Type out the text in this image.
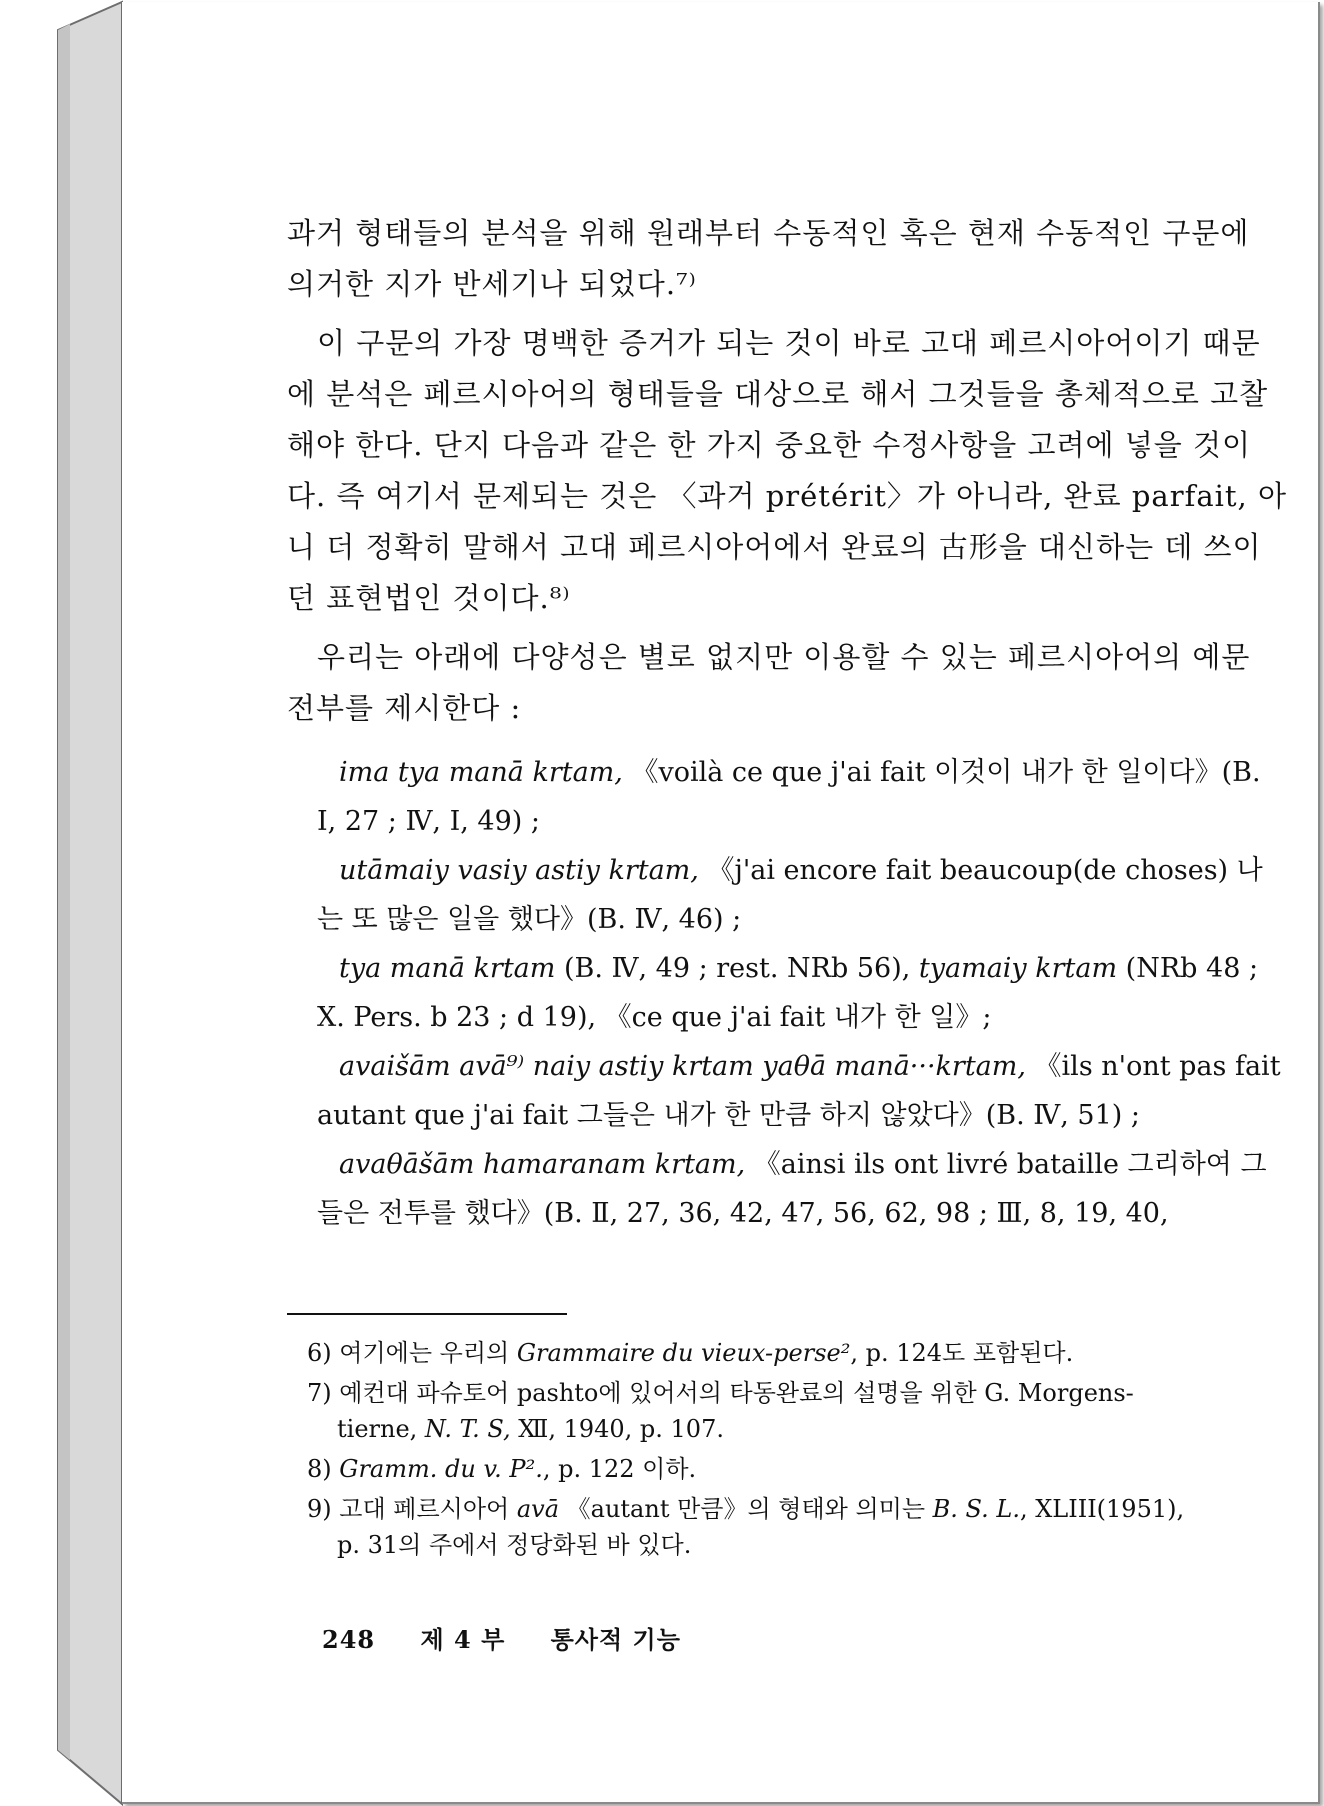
과거 형태들의 분석을 위해 원래부터 수동적인 혹은 현재 수동적인 구문에 의거한 지가 반세기나 되었다.⁷⁾

이 구문의 가장 명백한 증거가 되는 것이 바로 고대 페르시아어이기 때문에 분석은 페르시아어의 형태들을 대상으로 해서 그것들을 총체적으로 고찰해야 한다. 단지 다음과 같은 한 가지 중요한 수정사항을 고려에 넣을 것이다. 즉 여기서 문제되는 것은 〈과거 prétérit〉가 아니라, 완료 parfait, 아니 더 정확히 말해서 고대 페르시아어에서 완료의 古形을 대신하는 데 쓰이던 표현법인 것이다.⁸⁾

우리는 아래에 다양성은 별로 없지만 이용할 수 있는 페르시아어의 예문 전부를 제시한다 :

ima tya manā krtam, 《voilà ce que j'ai fait 이것이 내가 한 일이다》(B. I, 27 ; Ⅳ, I, 49) ;

utāmaiy vasiy astiy krtam, 《j'ai encore fait beaucoup(de choses) 나는 또 많은 일을 했다》(B. Ⅳ, 46) ;

tya manā krtam (B. Ⅳ, 49 ; rest. NRb 56), tyamaiy krtam (NRb 48 ; X. Pers. b 23 ; d 19), 《ce que j'ai fait 내가 한 일》;

avaišām avā⁹⁾ naiy astiy krtam yaθā manā···krtam, 《ils n'ont pas fait autant que j'ai fait 그들은 내가 한 만큼 하지 않았다》(B. Ⅳ, 51) ;

avaθāšām hamaranam krtam, 《ainsi ils ont livré bataille 그리하여 그들은 전투를 했다》(B. Ⅱ, 27, 36, 42, 47, 56, 62, 98 ; Ⅲ, 8, 19, 40,

6) 여기에는 우리의 Grammaire du vieux-perse², p. 124도 포함된다.

7) 예컨대 파슈토어 pashto에 있어서의 타동완료의 설명을 위한 G. Morgens-
tierne, N. T. S, Ⅻ, 1940, p. 107.

8) Gramm. du v. P²., p. 122 이하.

9) 고대 페르시아어 avā 《autant 만큼》의 형태와 의미는 B. S. L., XLIII(1951),
p. 31의 주에서 정당화된 바 있다.

248 제 4 부 통사적 기능
